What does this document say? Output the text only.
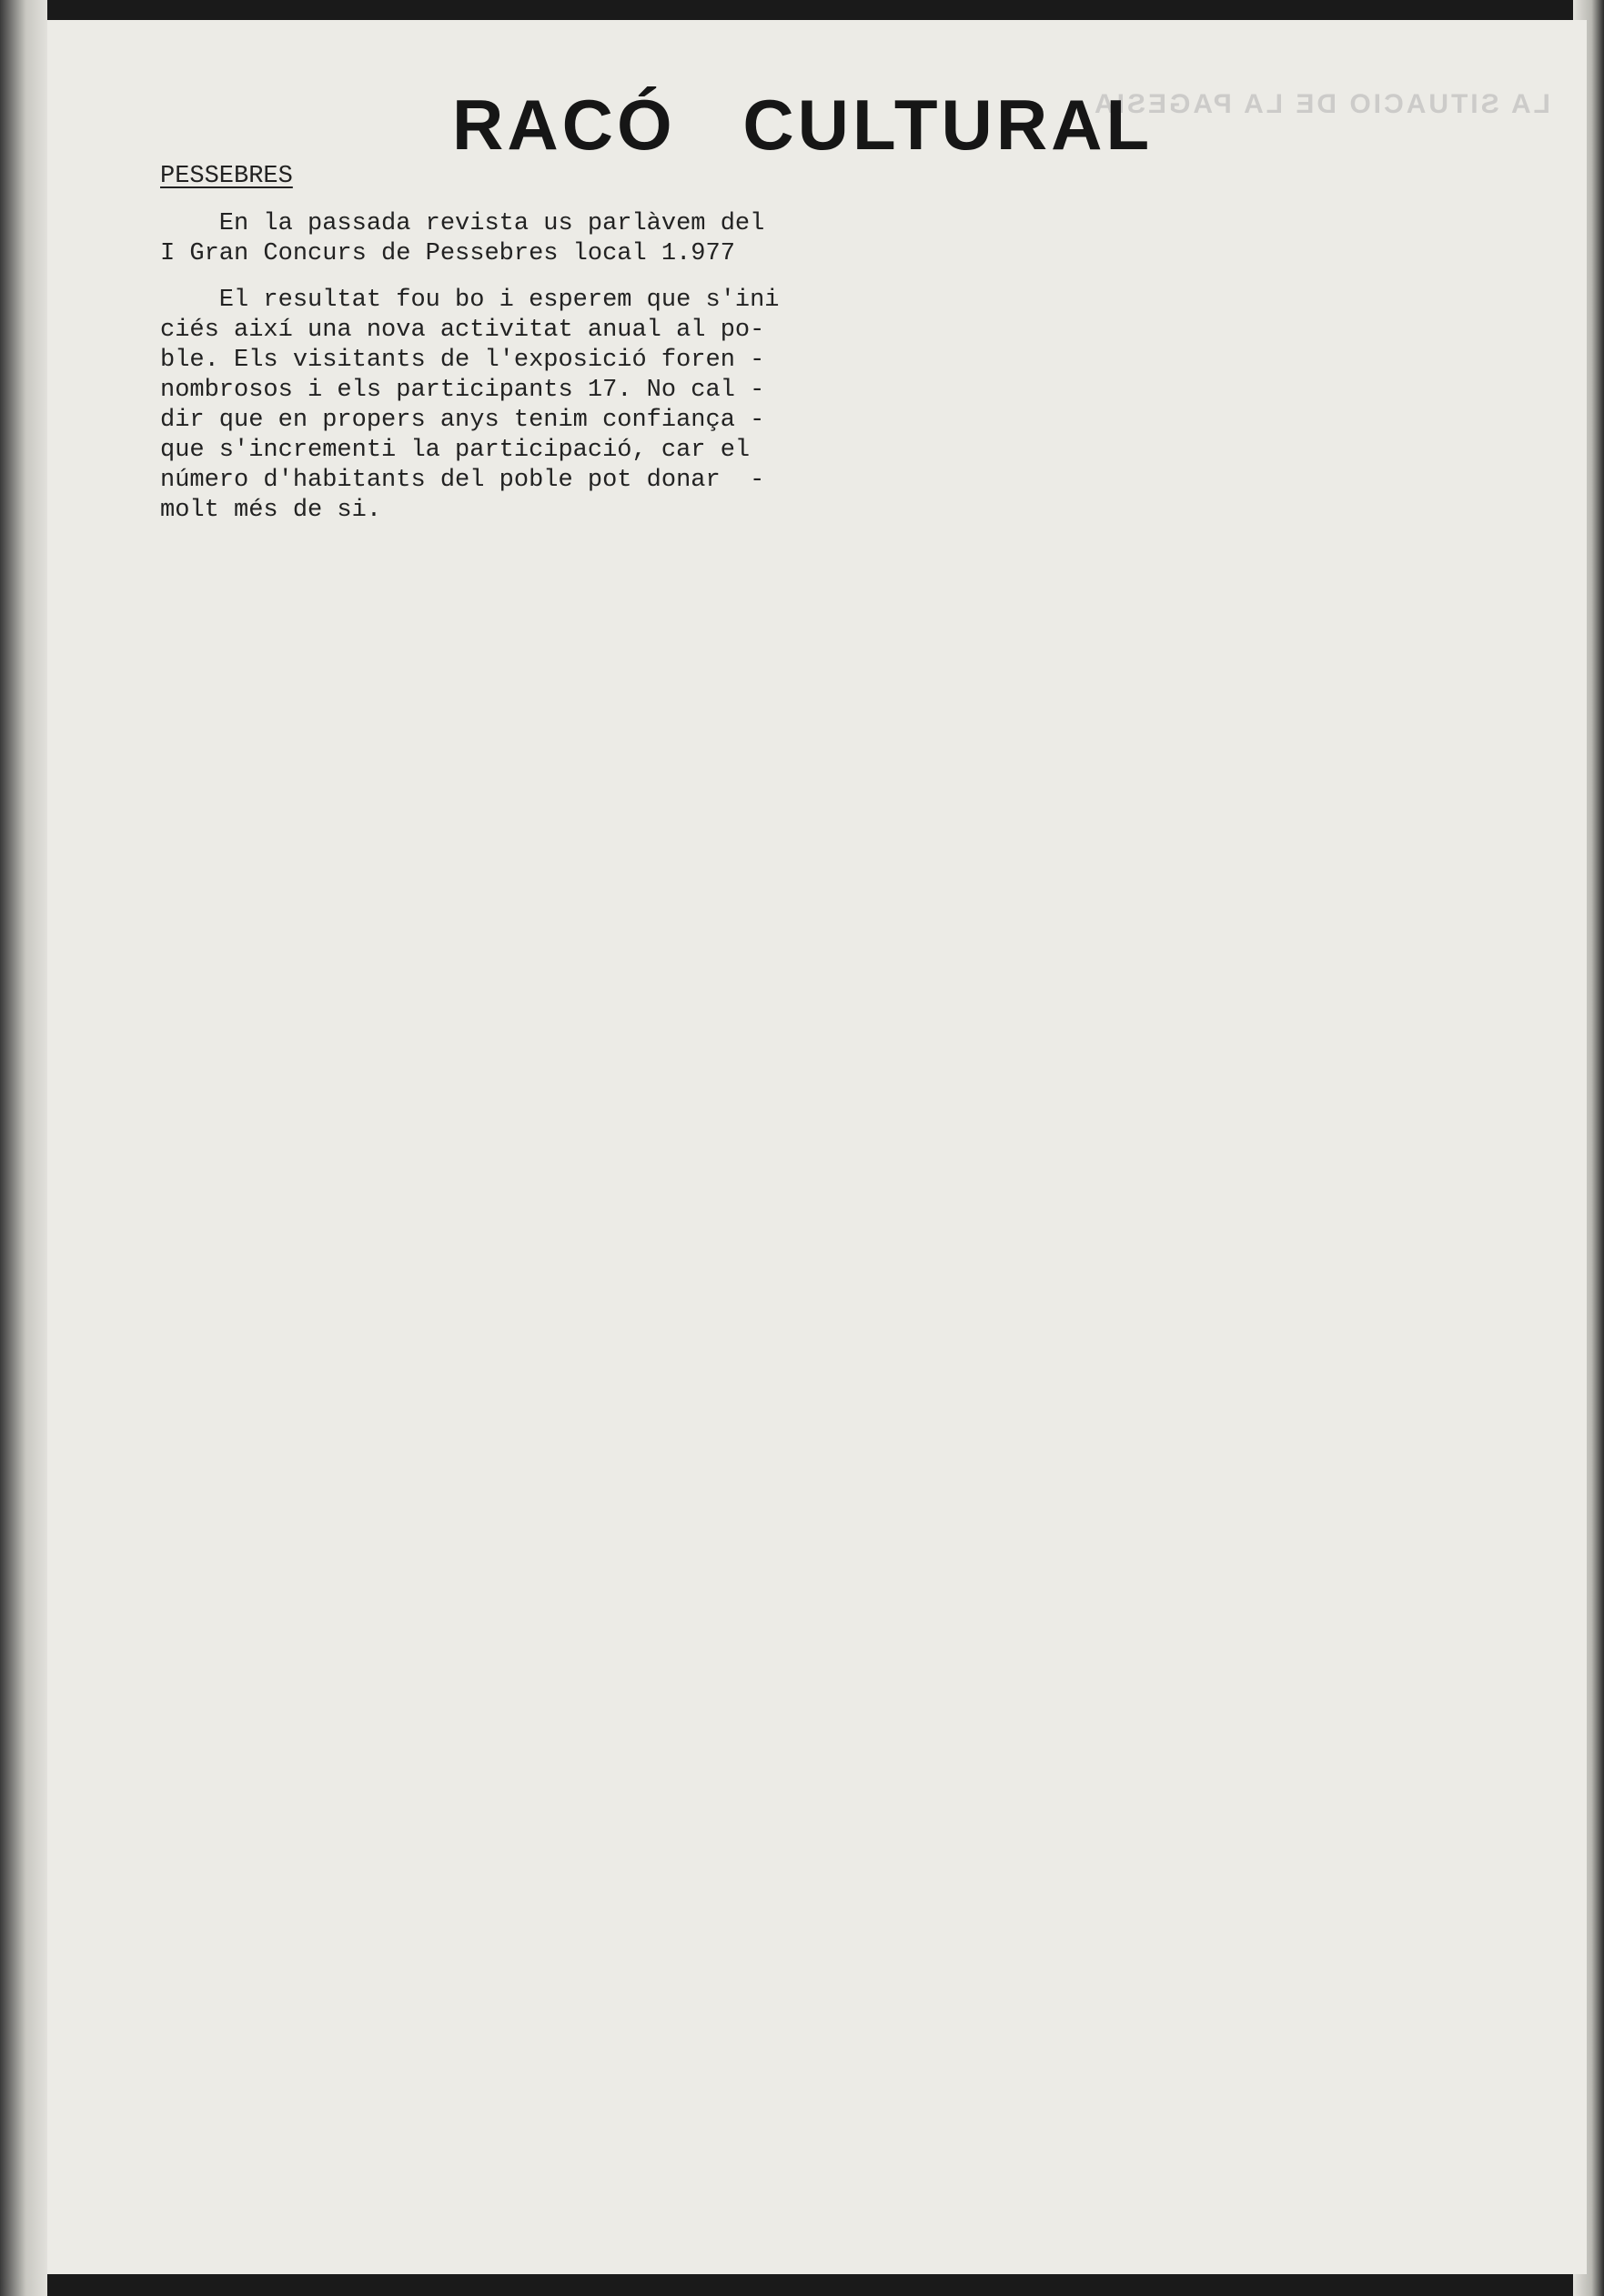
LA SITUACIO DE LA PAGESIA
RACÓ CULTURAL
PESSEBRES
En la passada revista us parlàvem del
I Gran Concurs de Pessebres local 1.977
El resultat fou bo i esperem que s'ini
ciés així una nova activitat anual al po-
ble. Els visitants de l'exposició foren -
nombrosos i els participants 17. No cal -
dir que en propers anys tenim confiança -
que s'incrementi la participació, car el
número d'habitants del poble pot donar  -
molt més de si.
